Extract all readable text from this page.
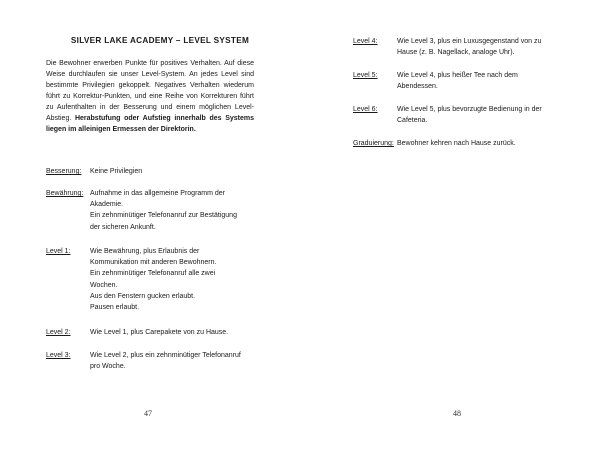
SILVER LAKE ACADEMY – LEVEL SYSTEM
Die Bewohner erwerben Punkte für positives Verhalten. Auf diese Weise durchlaufen sie unser Level-System. An jedes Level sind bestimmte Privilegien gekoppelt. Negatives Verhalten wiederum führt zu Korrektur-Punkten, und eine Reihe von Korrekturen führt zu Aufenthalten in der Besserung und einem möglichen Level-Abstieg. Herabstufung oder Aufstieg innerhalb des Systems liegen im alleinigen Ermessen der Direktorin.
Besserung: Keine Privilegien
Bewährung: Aufnahme in das allgemeine Programm der
Akademie.
Ein zehnminütiger Telefonanruf zur Bestätigung
der sicheren Ankunft.
Level 1:	Wie Bewährung, plus Erlaubnis der
Kommunikation mit anderen Bewohnern.
Ein zehnminütiger Telefonanruf alle zwei
Wochen.
Aus den Fenstern gucken erlaubt.
Pausen erlaubt.
Level 2:	Wie Level 1, plus Carepakete von zu Hause.
Level 3:	Wie Level 2, plus ein zehnminütiger Telefonanruf
pro Woche.
47
Level 4:	Wie Level 3, plus ein Luxusgegenstand von zu
Hause (z. B. Nagellack, analoge Uhr).
Level 5:	Wie Level 4, plus heißer Tee nach dem
Abendessen.
Level 6:	Wie Level 5, plus bevorzugte Bedienung in der
Cafeteria.
Graduierung: Bewohner kehren nach Hause zurück.
48
